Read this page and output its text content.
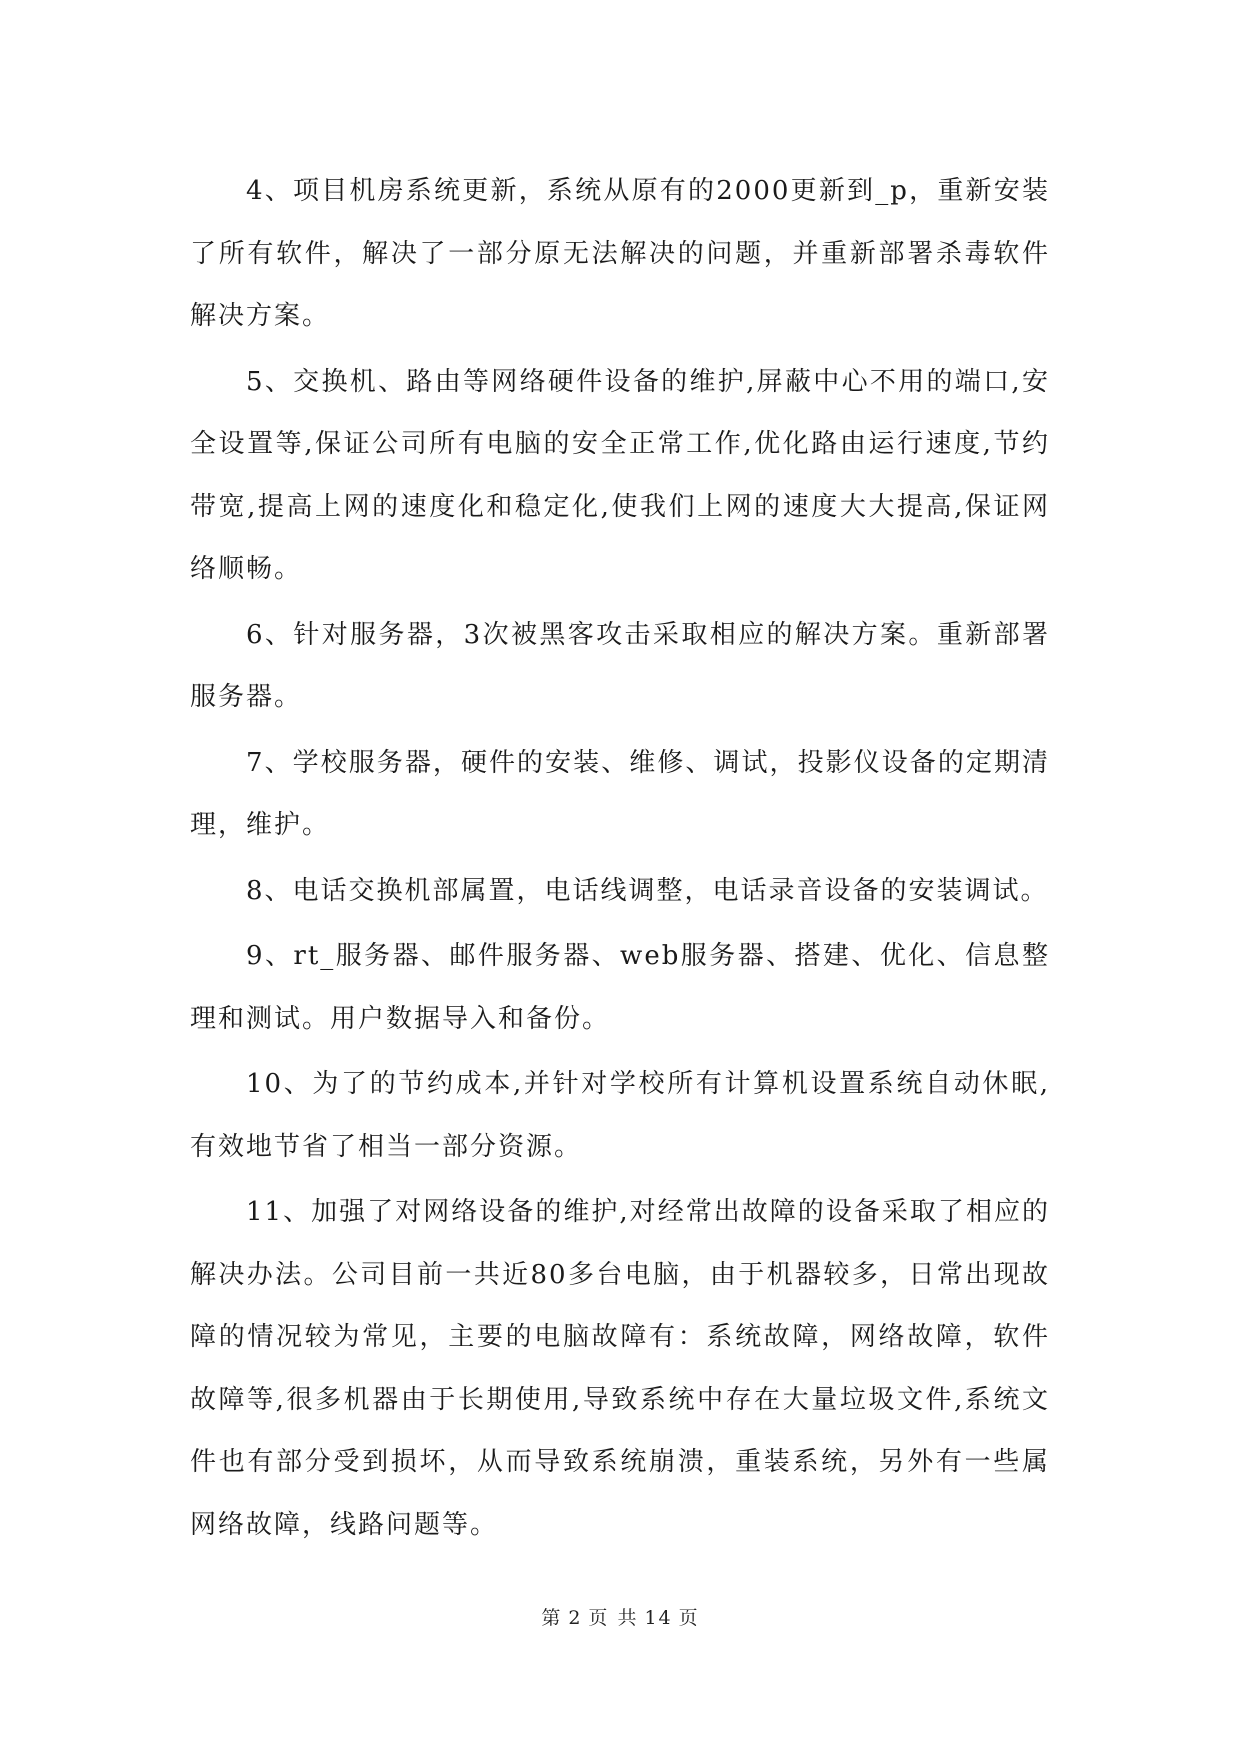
4、项目机房系统更新，系统从原有的2000更新到_p，重新安装了所有软件，解决了一部分原无法解决的问题，并重新部署杀毒软件解决方案。

5、交换机、路由等网络硬件设备的维护,屏蔽中心不用的端口,安全设置等,保证公司所有电脑的安全正常工作,优化路由运行速度,节约带宽,提高上网的速度化和稳定化,使我们上网的速度大大提高,保证网络顺畅。

6、针对服务器，3次被黑客攻击采取相应的解决方案。重新部署服务器。

7、学校服务器，硬件的安装、维修、调试，投影仪设备的定期清理，维护。

8、电话交换机部属置，电话线调整，电话录音设备的安装调试。

9、rt_服务器、邮件服务器、web服务器、搭建、优化、信息整理和测试。用户数据导入和备份。

10、为了的节约成本,并针对学校所有计算机设置系统自动休眠,有效地节省了相当一部分资源。

11、加强了对网络设备的维护,对经常出故障的设备采取了相应的解决办法。公司目前一共近80多台电脑，由于机器较多，日常出现故障的情况较为常见，主要的电脑故障有：系统故障，网络故障，软件故障等,很多机器由于长期使用,导致系统中存在大量垃圾文件,系统文件也有部分受到损坏，从而导致系统崩溃，重装系统，另外有一些属网络故障，线路问题等。

第 2 页 共 14 页
